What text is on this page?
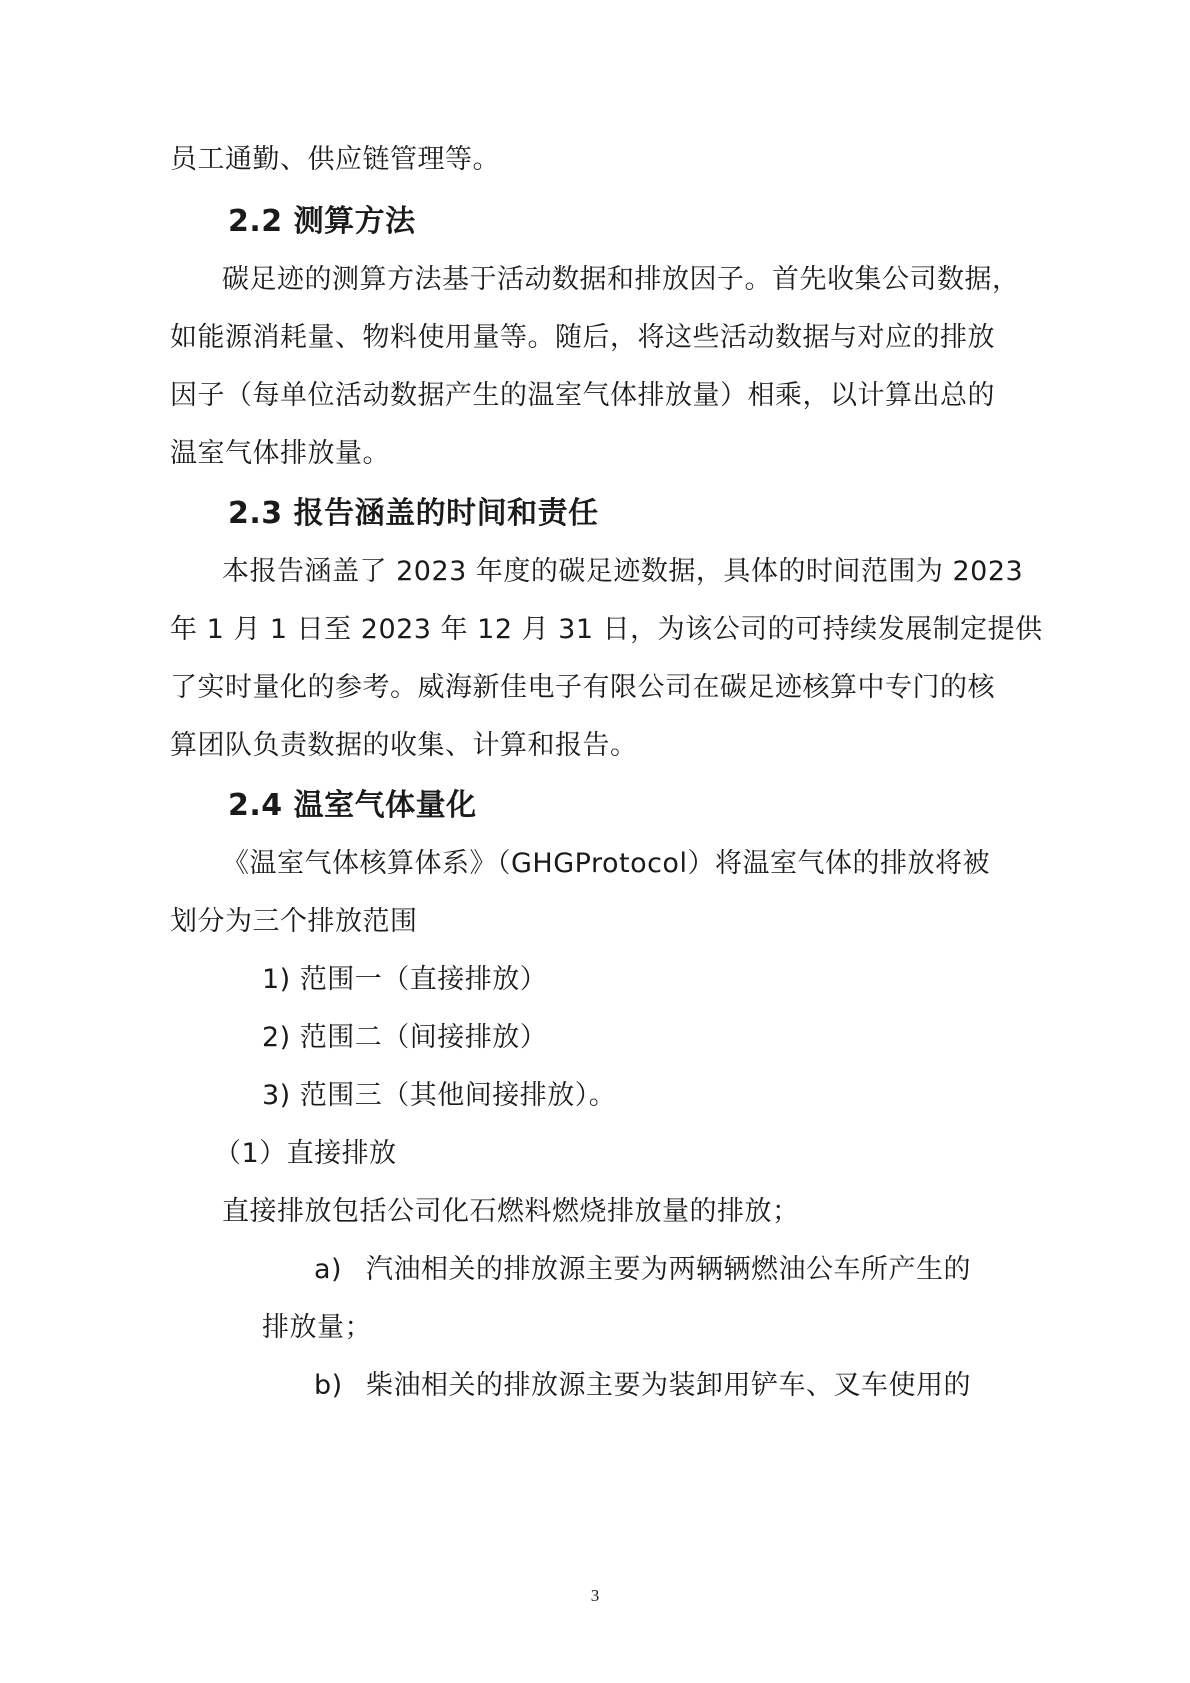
员工通勤、供应链管理等。
2.2 测算方法
碳足迹的测算方法基于活动数据和排放因子。首先收集公司数据，
如能源消耗量、物料使用量等。随后，将这些活动数据与对应的排放
因子（每单位活动数据产生的温室气体排放量）相乘，以计算出总的
温室气体排放量。
2.3 报告涵盖的时间和责任
本报告涵盖了 2023 年度的碳足迹数据，具体的时间范围为 2023
年 1 月 1 日至 2023 年 12 月 31 日，为该公司的可持续发展制定提供
了实时量化的参考。威海新佳电子有限公司在碳足迹核算中专门的核
算团队负责数据的收集、计算和报告。
2.4 温室气体量化
《温室气体核算体系》（GHGProtocol）将温室气体的排放将被
划分为三个排放范围
1) 范围一（直接排放）
2) 范围二（间接排放）
3) 范围三（其他间接排放）。
（1）直接排放
直接排放包括公司化石燃料燃烧排放量的排放；
a) 汽油相关的排放源主要为两辆辆燃油公车所产生的
排放量；
b) 柴油相关的排放源主要为装卸用铲车、叉车使用的
3
